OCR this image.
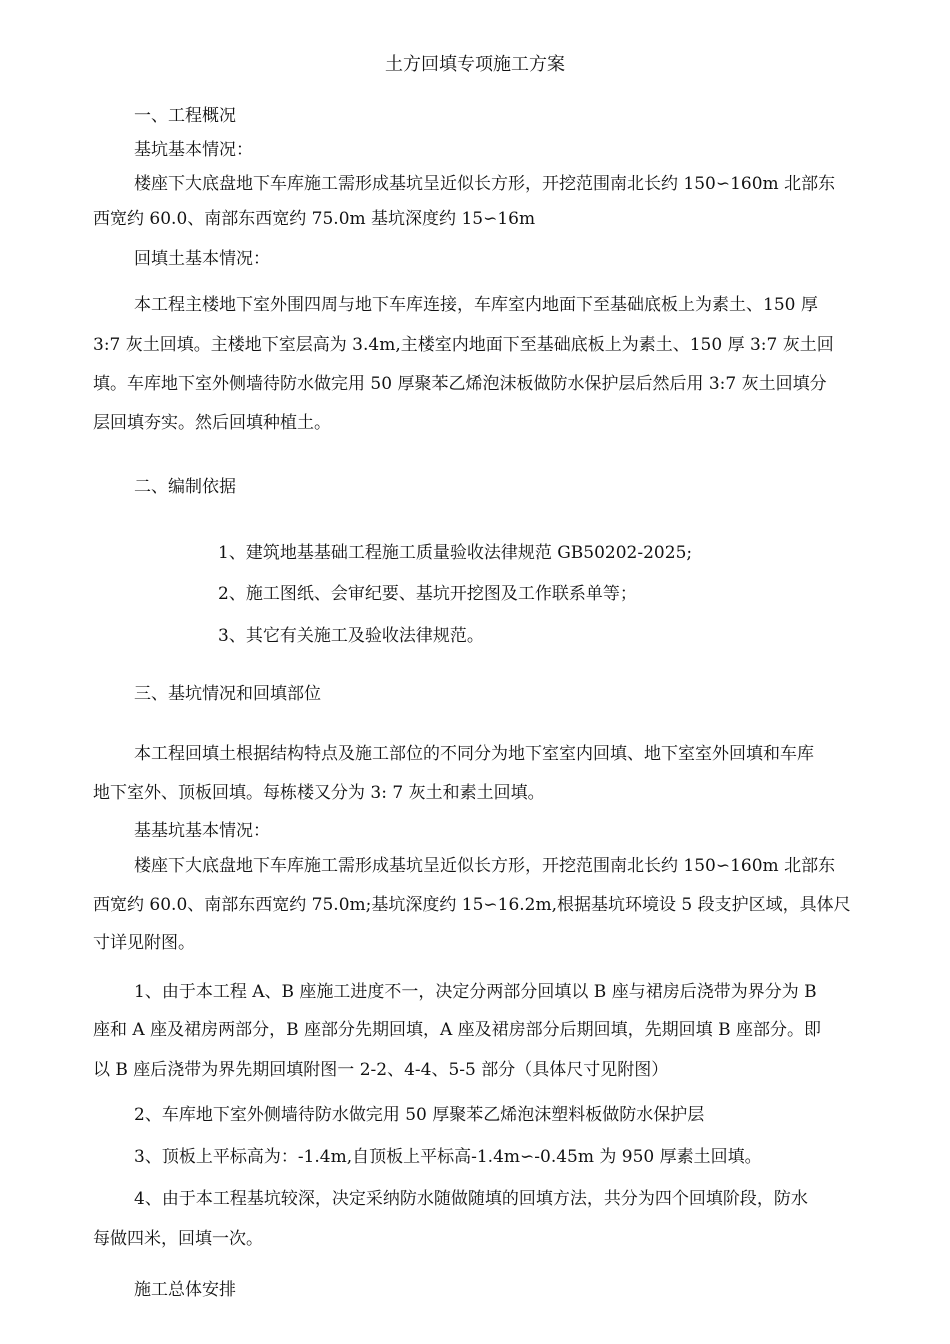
土方回填专项施工方案
一、工程概况
基坑基本情况：
楼座下大底盘地下车库施工需形成基坑呈近似长方形，开挖范围南北长约 150∽160m 北部东
西宽约 60.0、南部东西宽约 75.0m 基坑深度约 15∽16m
回填土基本情况：
本工程主楼地下室外围四周与地下车库连接，车库室内地面下至基础底板上为素土、150 厚
3:7 灰土回填。主楼地下室层高为 3.4m,主楼室内地面下至基础底板上为素土、150 厚 3:7 灰土回
填。车库地下室外侧墙待防水做完用 50 厚聚苯乙烯泡沫板做防水保护层后然后用 3:7 灰土回填分
层回填夯实。然后回填种植土。
二、编制依据
1、建筑地基基础工程施工质量验收法律规范 GB50202-2025;
2、施工图纸、会审纪要、基坑开挖图及工作联系单等；
3、其它有关施工及验收法律规范。
三、基坑情况和回填部位
本工程回填土根据结构特点及施工部位的不同分为地下室室内回填、地下室室外回填和车库
地下室外、顶板回填。每栋楼又分为 3: 7 灰土和素土回填。
基基坑基本情况：
楼座下大底盘地下车库施工需形成基坑呈近似长方形，开挖范围南北长约 150∽160m 北部东
西宽约 60.0、南部东西宽约 75.0m;基坑深度约 15∽16.2m,根据基坑环境设 5 段支护区域，具体尺
寸详见附图。
1、由于本工程 A、B 座施工进度不一，决定分两部分回填以 B 座与裙房后浇带为界分为 B
座和 A 座及裙房两部分，B 座部分先期回填，A 座及裙房部分后期回填，先期回填 B 座部分。即
以 B 座后浇带为界先期回填附图一 2-2、4-4、5-5 部分（具体尺寸见附图）
2、车库地下室外侧墙待防水做完用 50 厚聚苯乙烯泡沫塑料板做防水保护层
3、顶板上平标高为：-1.4m,自顶板上平标高-1.4m∽-0.45m 为 950 厚素土回填。
4、由于本工程基坑较深，决定采纳防水随做随填的回填方法，共分为四个回填阶段，防水
每做四米，回填一次。
施工总体安排
